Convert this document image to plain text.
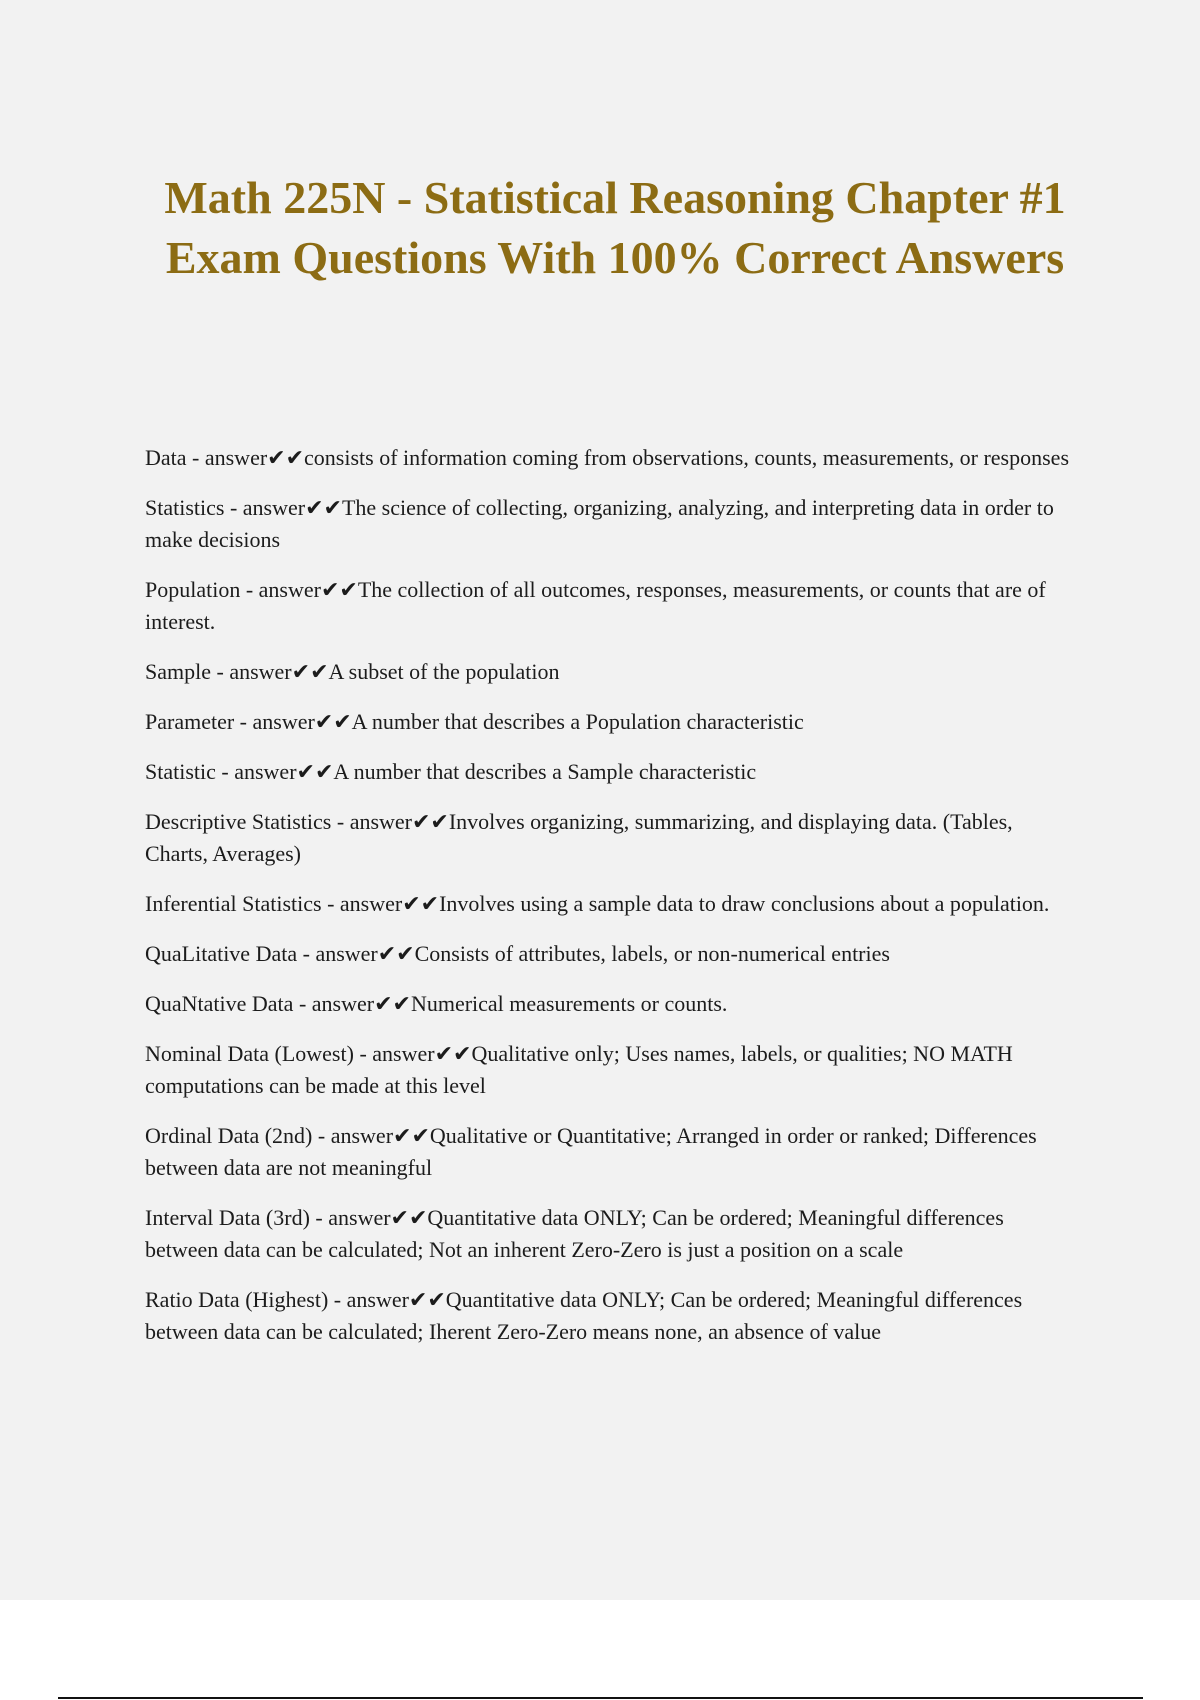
Math 225N - Statistical Reasoning Chapter #1 Exam Questions With 100% Correct Answers
Data - answer✔✔consists of information coming from observations, counts, measurements, or responses
Statistics - answer✔✔The science of collecting, organizing, analyzing, and interpreting data in order to make decisions
Population - answer✔✔The collection of all outcomes, responses, measurements, or counts that are of interest.
Sample - answer✔✔A subset of the population
Parameter - answer✔✔A number that describes a Population characteristic
Statistic - answer✔✔A number that describes a Sample characteristic
Descriptive Statistics - answer✔✔Involves organizing, summarizing, and displaying data. (Tables, Charts, Averages)
Inferential Statistics - answer✔✔Involves using a sample data to draw conclusions about a population.
QuaLitative Data - answer✔✔Consists of attributes, labels, or non-numerical entries
QuaNtative Data - answer✔✔Numerical measurements or counts.
Nominal Data (Lowest) - answer✔✔Qualitative only; Uses names, labels, or qualities; NO MATH computations can be made at this level
Ordinal Data (2nd) - answer✔✔Qualitative or Quantitative; Arranged in order or ranked; Differences between data are not meaningful
Interval Data (3rd) - answer✔✔Quantitative data ONLY; Can be ordered; Meaningful differences between data can be calculated; Not an inherent Zero-Zero is just a position on a scale
Ratio Data (Highest) - answer✔✔Quantitative data ONLY; Can be ordered; Meaningful differences between data can be calculated; Iherent Zero-Zero means none, an absence of value
